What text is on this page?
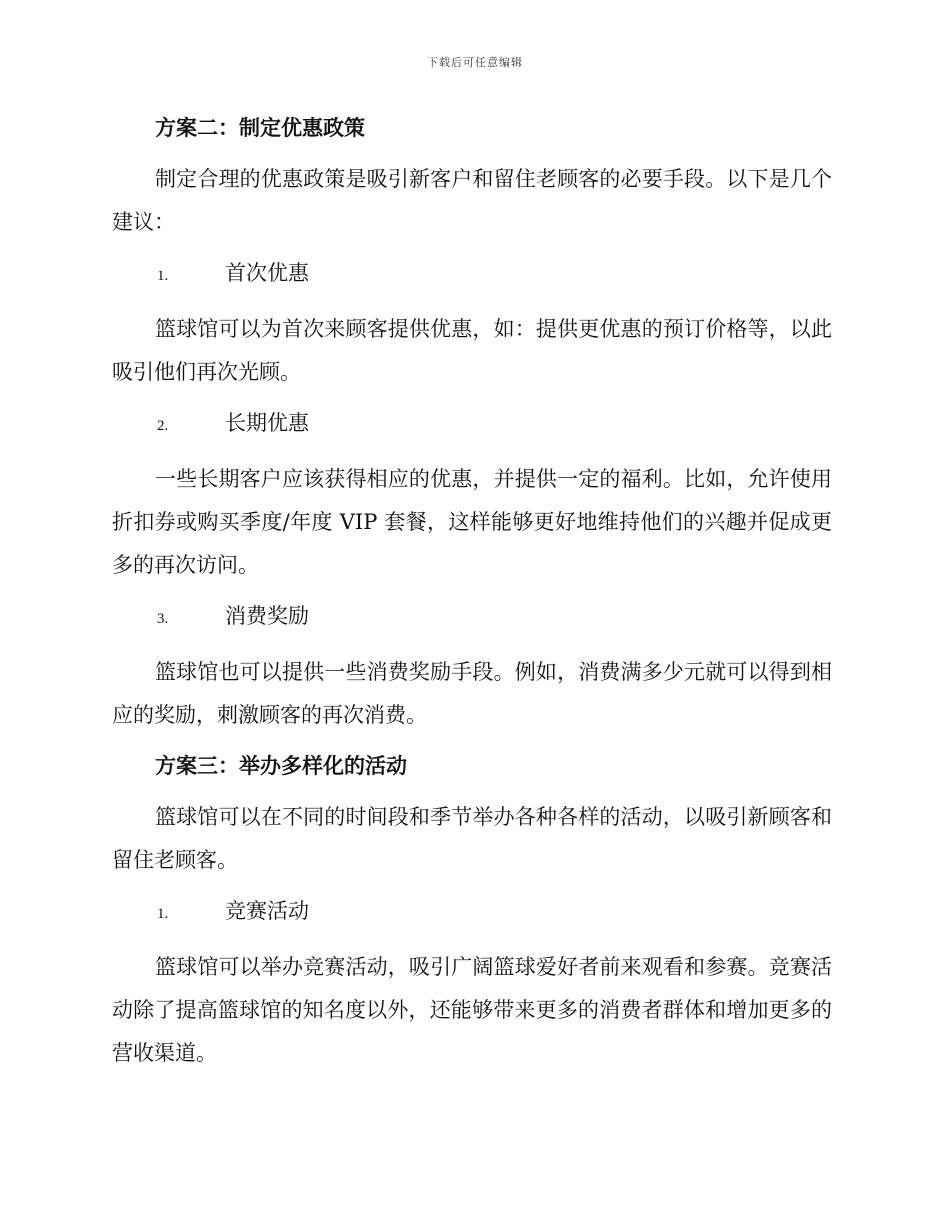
下载后可任意编辑
方案二：制定优惠政策

制定合理的优惠政策是吸引新客户和留住老顾客的必要手段。以下是几个建议：

1.	首次优惠

篮球馆可以为首次来顾客提供优惠，如：提供更优惠的预订价格等，以此吸引他们再次光顾。

2.	长期优惠

一些长期客户应该获得相应的优惠，并提供一定的福利。比如，允许使用折扣券或购买季度/年度 VIP 套餐，这样能够更好地维持他们的兴趣并促成更多的再次访问。

3.	消费奖励

篮球馆也可以提供一些消费奖励手段。例如，消费满多少元就可以得到相应的奖励，刺激顾客的再次消费。

方案三：举办多样化的活动

篮球馆可以在不同的时间段和季节举办各种各样的活动，以吸引新顾客和留住老顾客。

1.	竞赛活动

篮球馆可以举办竞赛活动，吸引广阔篮球爱好者前来观看和参赛。竞赛活动除了提高篮球馆的知名度以外，还能够带来更多的消费者群体和增加更多的营收渠道。
